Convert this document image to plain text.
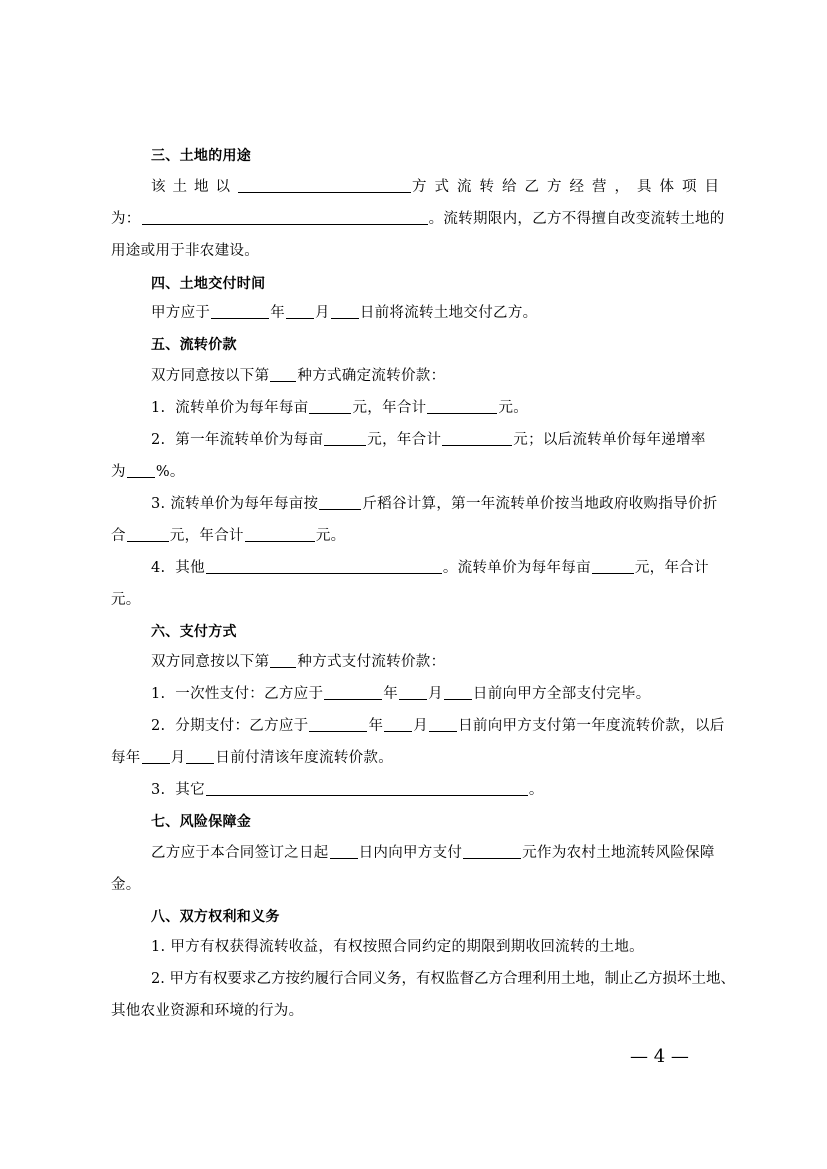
三、土地的用途
该土地以	方式流转给乙方经营，具体项目
为：	。流转期限内，乙方不得擅自改变流转土地的
用途或用于非农建设。
四、土地交付时间
甲方应于	年 月 日前将流转土地交付乙方。
五、流转价款
双方同意按以下第 种方式确定流转价款：
1. 流转单价为每年每亩	元，年合计	元。
2. 第一年流转单价为每亩	元，年合计	元；以后流转单价每年递增率
为 %。
3. 流转单价为每年每亩按	斤稻谷计算，第一年流转单价按当地政府收购指导价折
合	元，年合计	元。
4. 其他	。流转单价为每年每亩	元，年合计
元。
六、支付方式
双方同意按以下第 种方式支付流转价款：
1. 一次性支付：乙方应于	年 月 日前向甲方全部支付完毕。
2. 分期支付：乙方应于	年 月 日前向甲方支付第一年度流转价款，以后
每年 月 日前付清该年度流转价款。
3. 其它	。
七、风险保障金
乙方应于本合同签订之日起 日内向甲方支付	元作为农村土地流转风险保障
金。
八、双方权利和义务
1. 甲方有权获得流转收益，有权按照合同约定的期限到期收回流转的土地。
2. 甲方有权要求乙方按约履行合同义务，有权监督乙方合理利用土地，制止乙方损坏土地、
其他农业资源和环境的行为。
— 4 —
